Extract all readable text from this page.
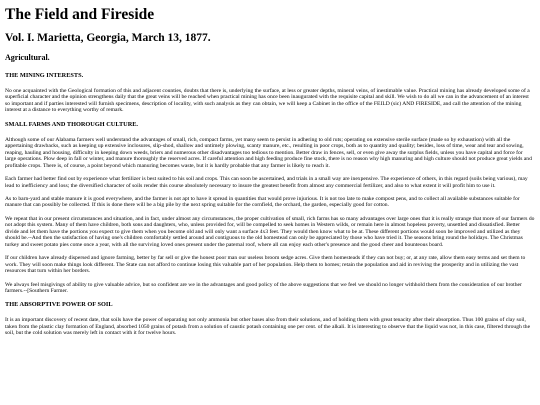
The Field and Fireside
Vol. I. Marietta, Georgia, March 13, 1877.
Agricultural.
THE MINING INTERESTS.

No one acquainted with the Geological formation of this and adjacent counties, doubts that there is, underlying the surface, at less or greater depths, mineral veins, of inestimable value. Practical mining has already developed some of a superficial character and the opinion strengthens daily that the great veins will be reached when practical mining has once been inaugurated with the requisite capital and skill. We wish to do all we can in the advancement of an interest so important and if parties interested will furnish specimens, description of locality, with such analysis as they can obtain, we will keep a Cabinet in the office of the FEILD (sic) AND FIRESIDE, and call the attention of the mining interest at a distance to everything worthy of remark.

SMALL FARMS AND THOROUGH CULTURE.

Although some of our Alabama farmers well understand the advantages of small, rich, compact farms, yet many seem to persist in adhering to old ruts; operating on extensive sterile surface (made so by exhaustion) with all the appertaining drawbacks, such as keeping up extensive inclosures, slip-shod, shallow and untimely plowing, scanty manure, etc., resulting in poor crops, both as to quantity and quality; besides, loss of time, wear and tear and sowing, reaping, hauling and housing, difficulty in keeping down weeds, briers and numerous other disadvantages too tedious to mention. Better draw in fences, sell, or even give away the surplus fields, unless you have capital and force for large operations. Plow deep in fall or winter, and manure thoroughly the reserved acres. If careful attention and high feeding produce fine stock, there is no reason why high manuring and high culture should not produce great yields and profitable crops. There is, of course, a point beyond which manuring becomes waste, but it is hardly probable that any farmer is likely to reach it.

Each farmer had better find out by experience what fertilizer is best suited to his soil and crops. This can soon be ascertained, and trials in a small way are inexpensive. The experience of others, in this regard (soils being various), may lead to inefficiency and loss; the diversified character of soils render this course absolutely necessary to insure the greatest benefit from almost any commercial fertilizer, and also to what extent it will profit him to use it.

As to barn-yard and stable manure it is good everywhere, and the farmer is not apt to have it spread in quantities that would prove injurious. It is not too late to make compost pens, and to collect all available substances suitable for manure that can possibly be collected. If this is done there will be a big pile by the next spring suitable for the cornfield, the orchard, the garden, especially good for cotton.

We repeat that in our present circumstances and situation, and in fact, under almost any circumstances, the proper cultivation of small, rich farms has so many advantages over large ones that it is really strange that more of our farmers do not adopt this system. Many of them have children, both sons and daughters, who, unless provided for, will be compelled to seek homes in Western wilds, or remain here in almost hopeless poverty, unsettled and dissatisfied. Better divide and let them have the portions you expect to give them when you become old and will only want a surface 4x3 feet. They would then know what to be at. These different portions would soon be improved and utilized as they should be.--And then the satisfaction of having one's children comfortably settled around and contiguous to the old homestead can only be appreciated by those who have tried it. The seasons bring round the holidays. The Christmas turkey and sweet potato pies come once a year, with all the surviving loved ones present under the paternal roof, where all can enjoy each other's presence and the good cheer and bounteous board.

If our children have already dispersed and ignore farming, better by far sell or give the honest poor man our useless broom sedge acres. Give them homesteads if they can not buy; or, at any rate, allow them easy terms and set them to work. They will soon make things look different. The State can not afford to continue losing this valuable part of her population. Help them to homes; retain the population and aid in reviving the prosperity and in utilizing the vast resources that turn within her borders.

We always feel misgivings of ability to give valuable advice, but so confident are we in the advantages and good policy of the above suggestions that we feel we should no longer withhold them from the consideration of our brother farmers.--[Southern Farmer.

THE ABSORPTIVE POWER OF SOIL

It is an important discovery of recent date, that soils have the power of separating not only ammonia but other bases also from their solutions, and of holding them with great tenacity after their absorption. Thus 100 grains of clay soil, taken from the plastic clay formation of England, absorbed 1050 grains of potash from a solution of caustic potash containing one per cent. of the alkali. It is interesting to observe that the liquid was not, in this case, filtered through the soil, but the cold solution was merely left in contact with it for twelve hours.
